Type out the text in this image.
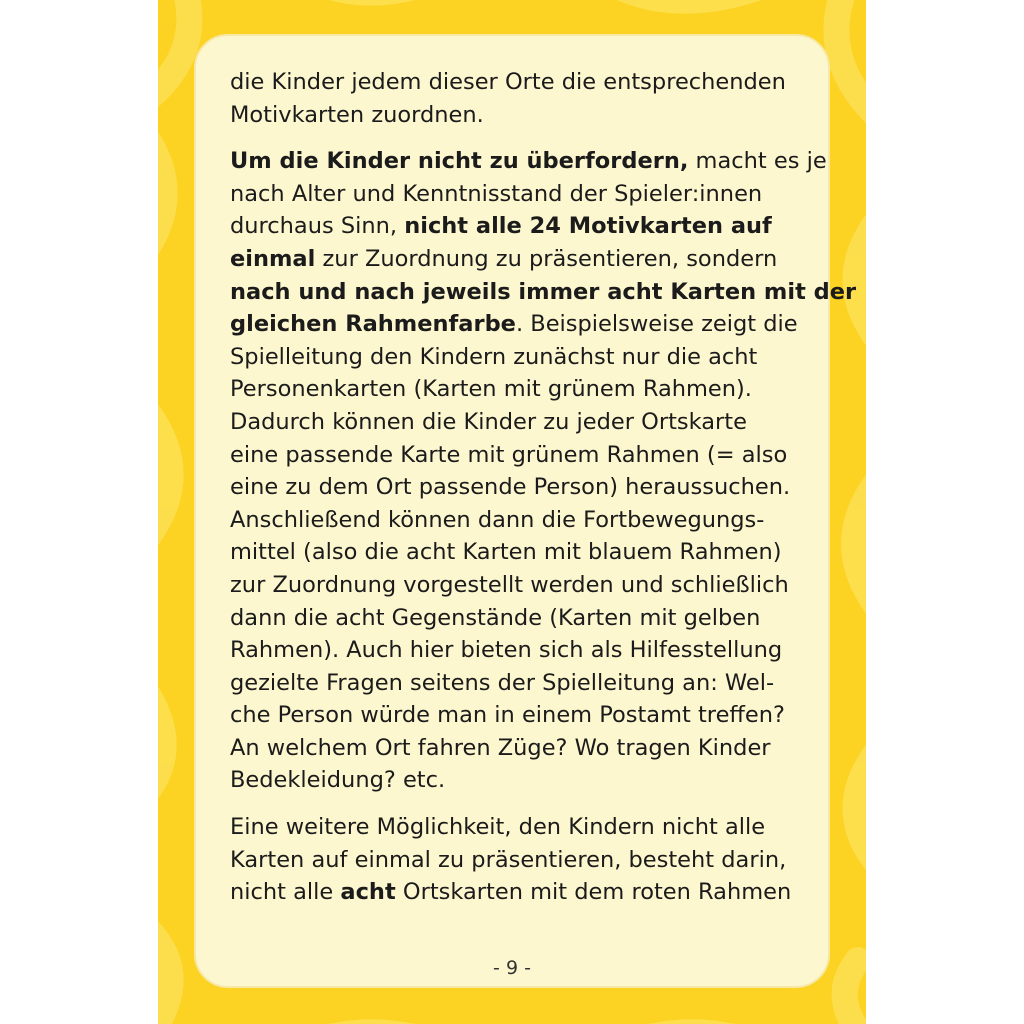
die Kinder jedem dieser Orte die entsprechenden
Motivkarten zuordnen.

Um die Kinder nicht zu überfordern, macht es je
nach Alter und Kenntnisstand der Spieler:innen
durchaus Sinn, nicht alle 24 Motivkarten auf
einmal zur Zuordnung zu präsentieren, sondern
nach und nach jeweils immer acht Karten mit der
gleichen Rahmenfarbe. Beispielsweise zeigt die
Spielleitung den Kindern zunächst nur die acht
Personenkarten (Karten mit grünem Rahmen).
Dadurch können die Kinder zu jeder Ortskarte
eine passende Karte mit grünem Rahmen (= also
eine zu dem Ort passende Person) heraussuchen.
Anschließend können dann die Fortbewegungs-
mittel (also die acht Karten mit blauem Rahmen)
zur Zuordnung vorgestellt werden und schließlich
dann die acht Gegenstände (Karten mit gelben
Rahmen). Auch hier bieten sich als Hilfesstellung
gezielte Fragen seitens der Spielleitung an: Wel-
che Person würde man in einem Postamt treffen?
An welchem Ort fahren Züge? Wo tragen Kinder
Bedekleidung? etc.

Eine weitere Möglichkeit, den Kindern nicht alle
Karten auf einmal zu präsentieren, besteht darin,
nicht alle acht Ortskarten mit dem roten Rahmen

- 9 -
